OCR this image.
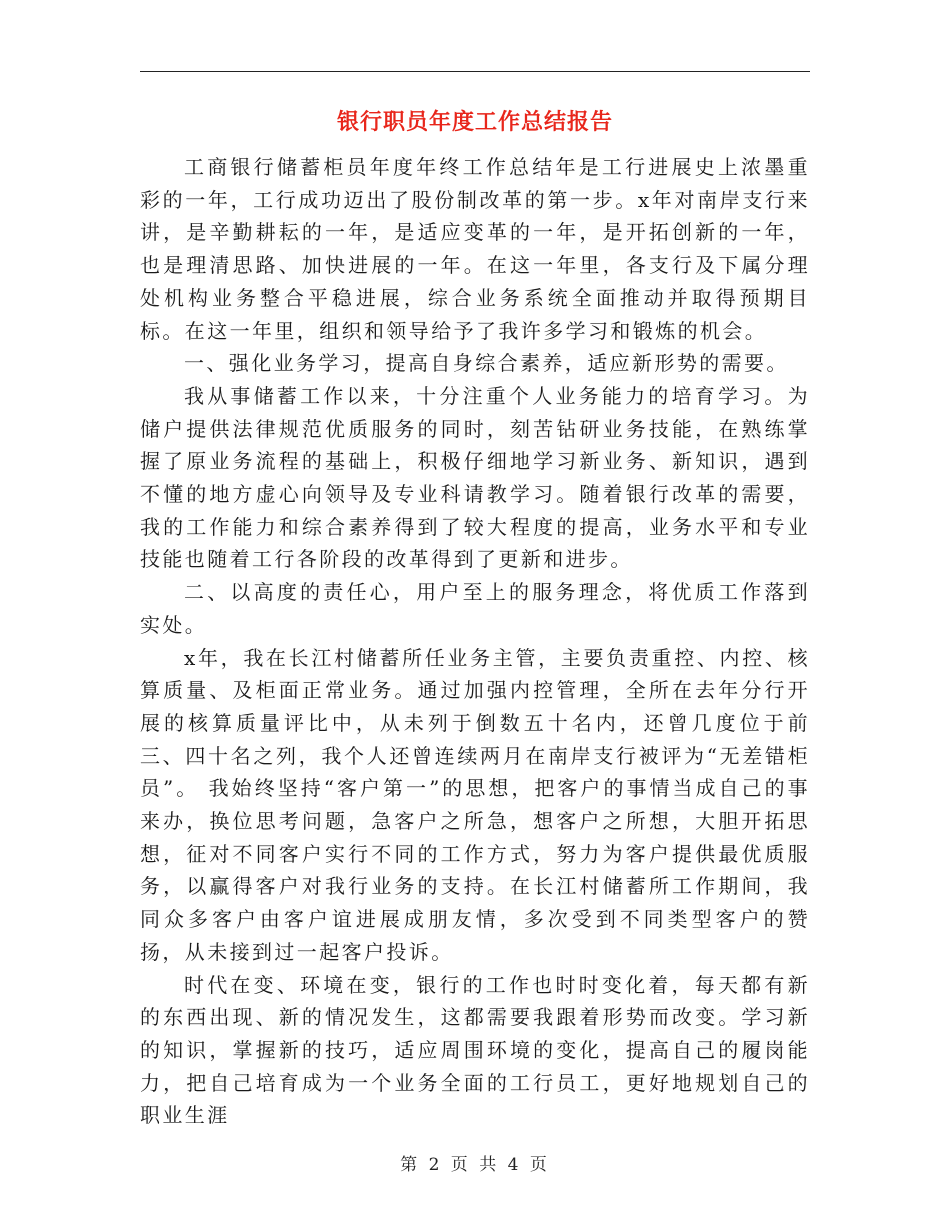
银行职员年度工作总结报告

工商银行储蓄柜员年度年终工作总结年是工行进展史上浓墨重彩的一年，工行成功迈出了股份制改革的第一步。x年对南岸支行来讲，是辛勤耕耘的一年，是适应变革的一年，是开拓创新的一年，也是理清思路、加快进展的一年。在这一年里，各支行及下属分理处机构业务整合平稳进展，综合业务系统全面推动并取得预期目标。在这一年里，组织和领导给予了我许多学习和锻炼的机会。

一、强化业务学习，提高自身综合素养，适应新形势的需要。

我从事储蓄工作以来，十分注重个人业务能力的培育学习。为储户提供法律规范优质服务的同时，刻苦钻研业务技能，在熟练掌握了原业务流程的基础上，积极仔细地学习新业务、新知识，遇到不懂的地方虚心向领导及专业科请教学习。随着银行改革的需要，我的工作能力和综合素养得到了较大程度的提高，业务水平和专业技能也随着工行各阶段的改革得到了更新和进步。

二、以高度的责任心，用户至上的服务理念，将优质工作落到实处。

x年，我在长江村储蓄所任业务主管，主要负责重控、内控、核算质量、及柜面正常业务。通过加强内控管理，全所在去年分行开展的核算质量评比中，从未列于倒数五十名内，还曾几度位于前三、四十名之列，我个人还曾连续两月在南岸支行被评为“无差错柜员”。 我始终坚持“客户第一”的思想，把客户的事情当成自己的事来办，换位思考问题，急客户之所急，想客户之所想，大胆开拓思想，征对不同客户实行不同的工作方式，努力为客户提供最优质服务，以赢得客户对我行业务的支持。在长江村储蓄所工作期间，我同众多客户由客户谊进展成朋友情，多次受到不同类型客户的赞扬，从未接到过一起客户投诉。

时代在变、环境在变，银行的工作也时时变化着，每天都有新的东西出现、新的情况发生，这都需要我跟着形势而改变。学习新的知识，掌握新的技巧，适应周围环境的变化，提高自己的履岗能力，把自己培育成为一个业务全面的工行员工，更好地规划自己的职业生涯

第 2 页 共 4 页
